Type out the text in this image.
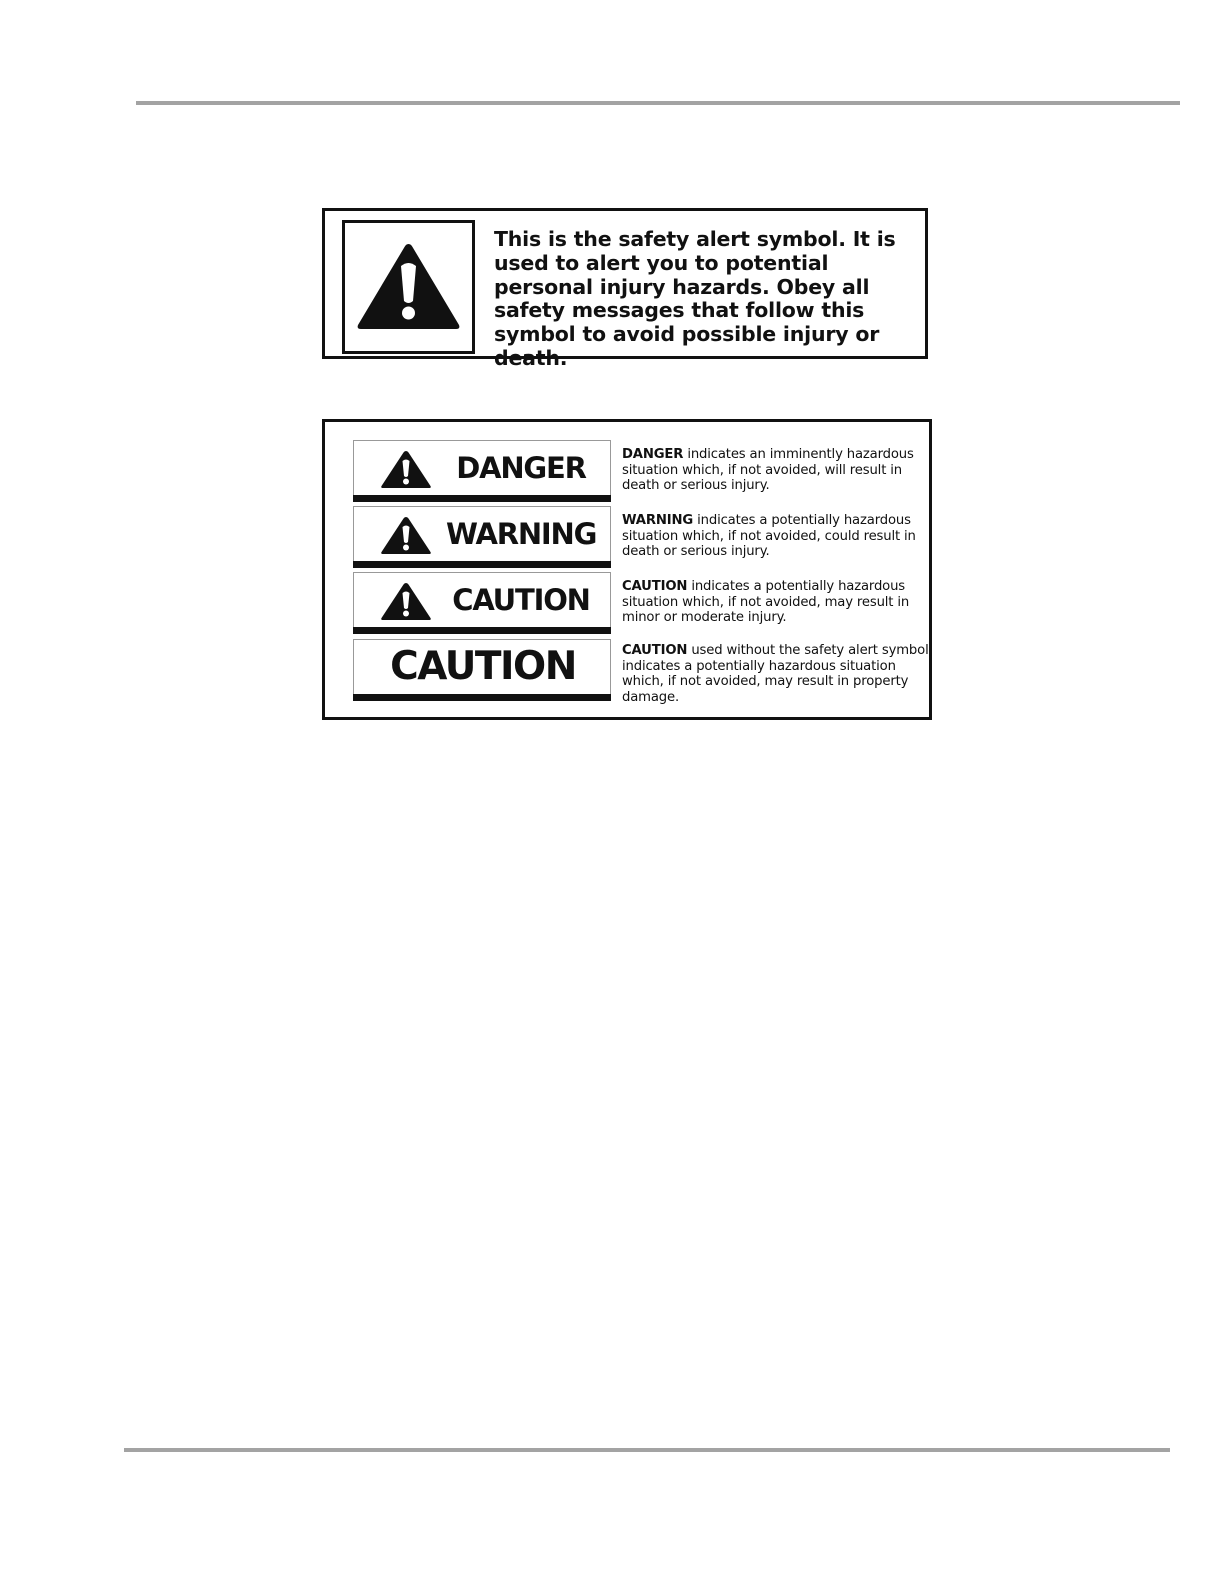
This is the safety alert symbol. It is used to alert you to potential personal injury hazards. Obey all safety messages that follow this symbol to avoid possible injury or death.

DANGER	DANGER indicates an imminently hazardous situation which, if not avoided, will result in death or serious injury.

WARNING WARNING indicates a potentially hazardous situation which, if not avoided, could result in death or serious injury.

CAUTION	CAUTION indicates a potentially hazardous situation which, if not avoided, may result in minor or moderate injury.

CAUTION	CAUTION used without the safety alert symbol indicates a potentially hazardous situation which, if not avoided, may result in property damage.
